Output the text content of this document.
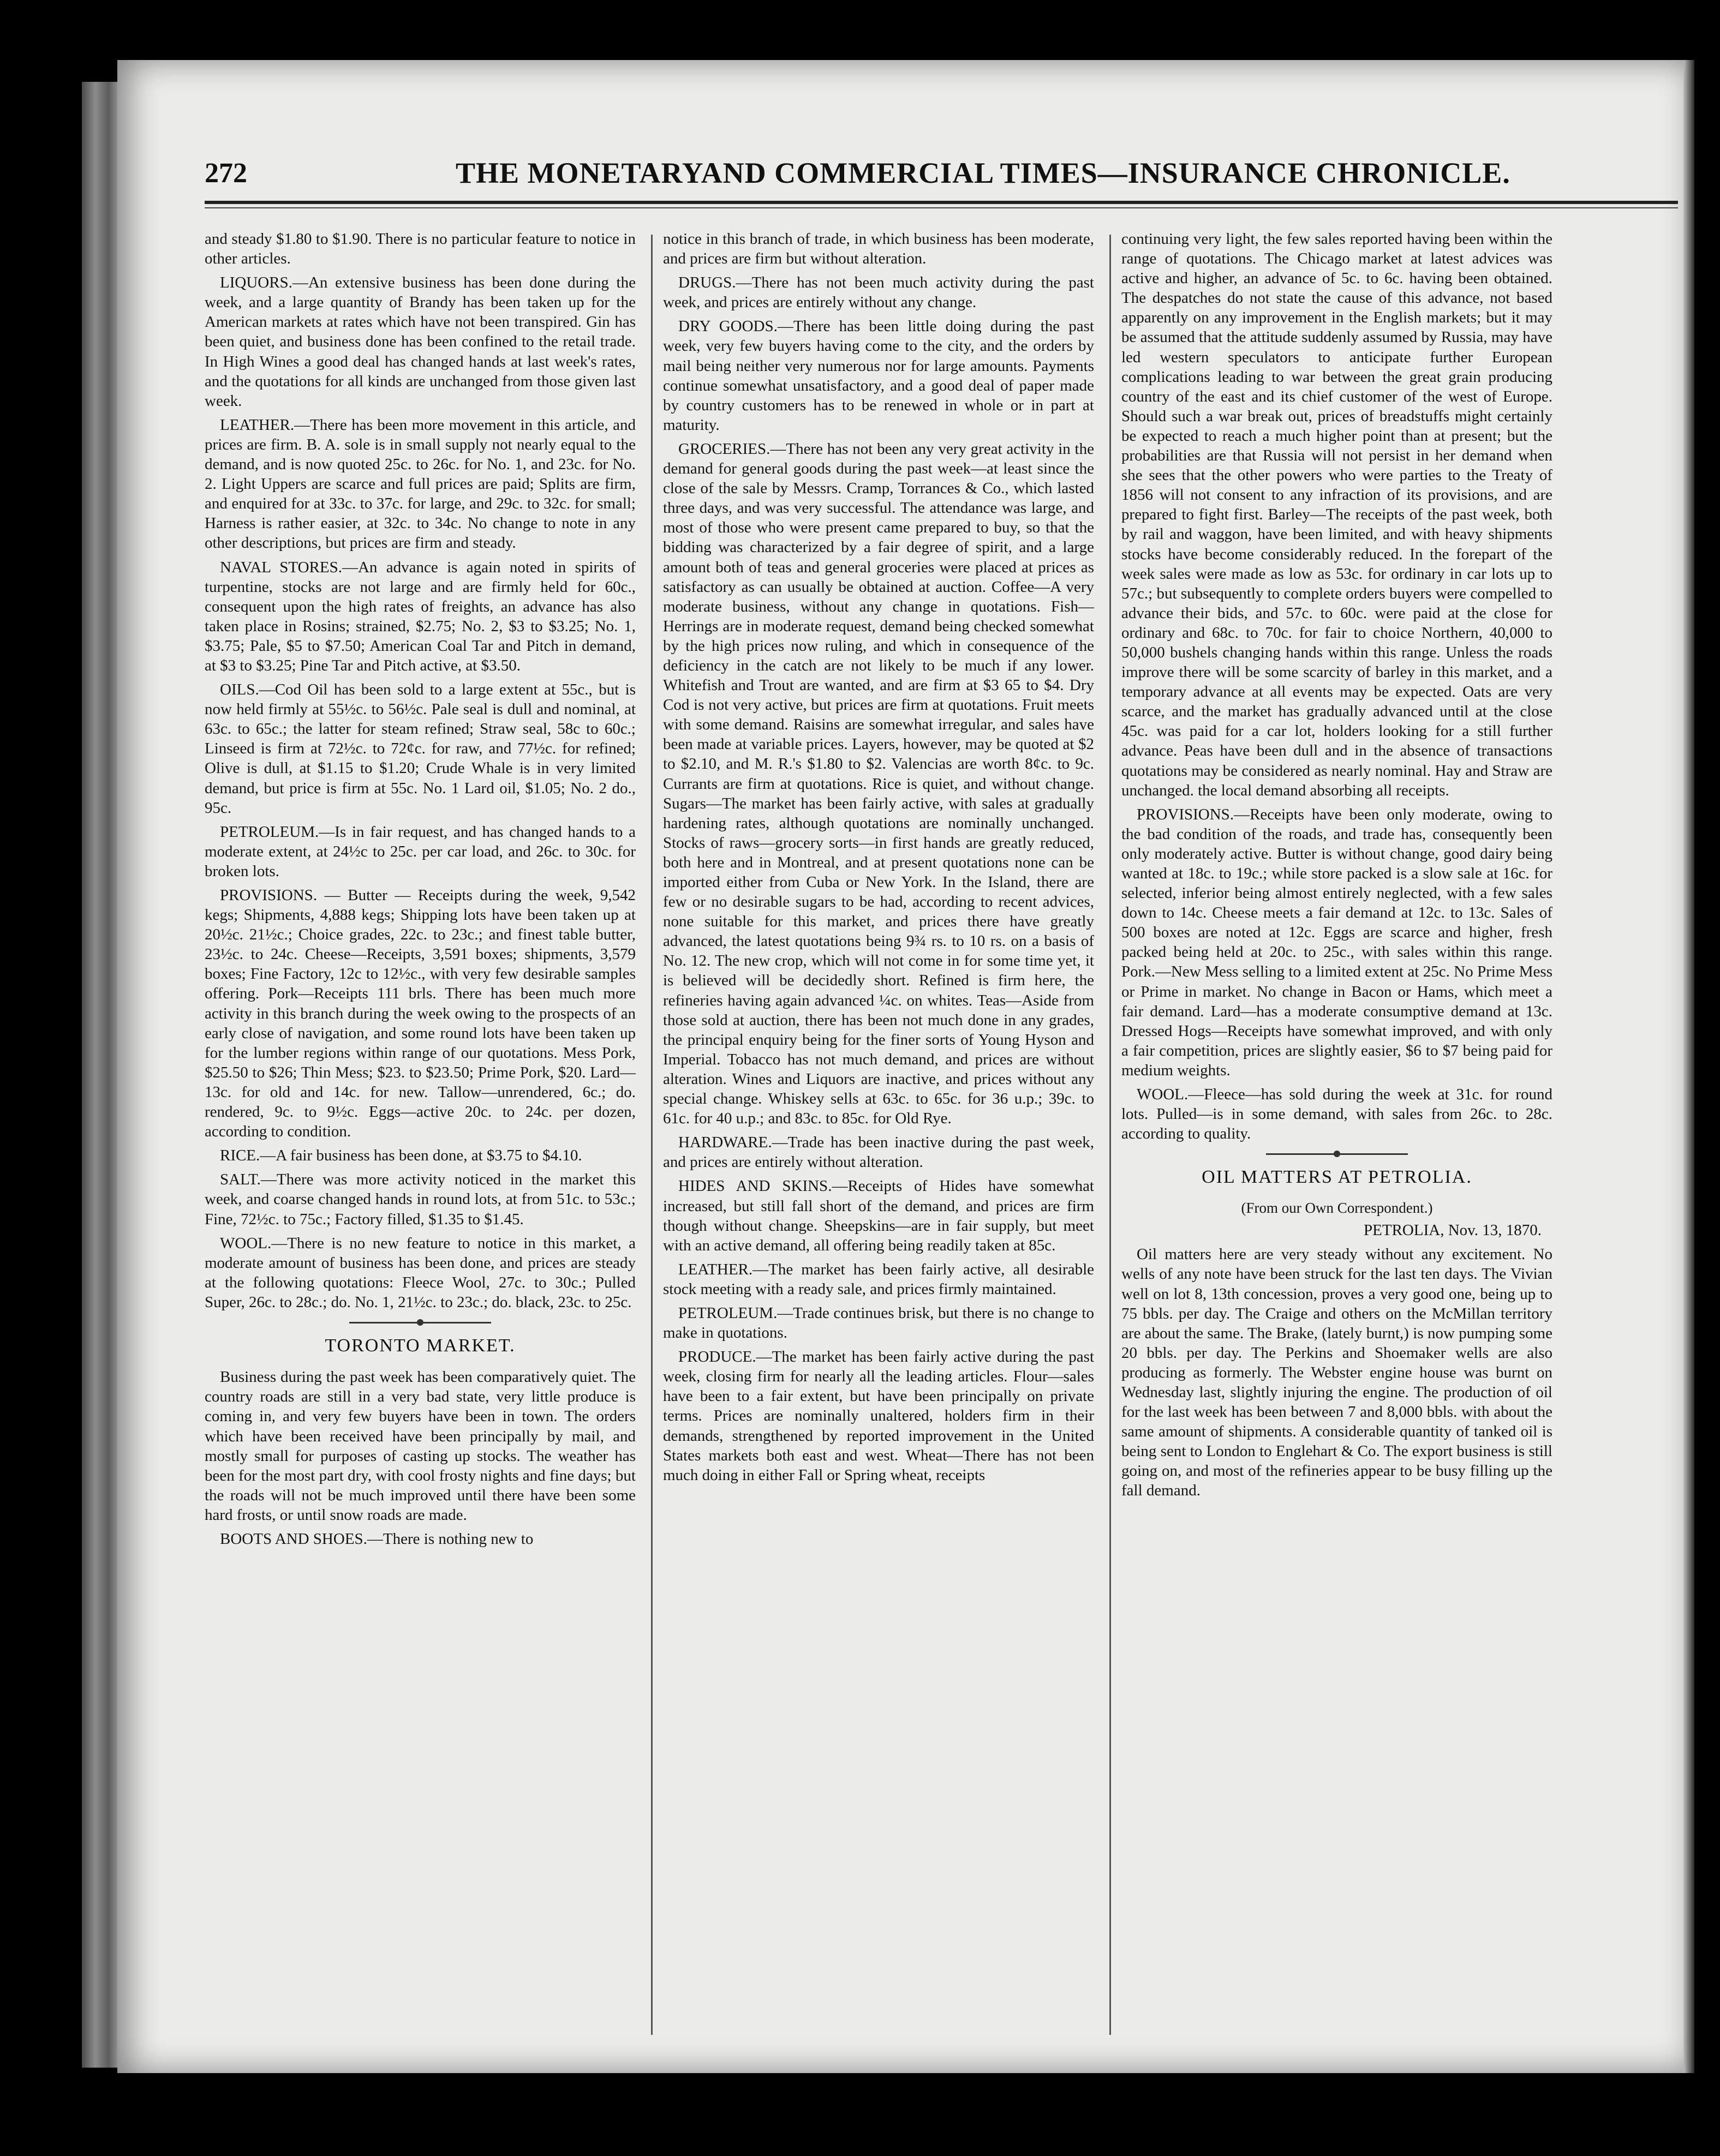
272	THE MONETARYAND COMMERCIAL TIMES—INSURANCE CHRONICLE.

and steady $1.80 to $1.90. There is no particular feature to notice in other articles.

LIQUORS.—An extensive business has been done during the week, and a large quantity of Brandy has been taken up for the American markets at rates which have not been transpired. Gin has been quiet, and business done has been confined to the retail trade. In High Wines a good deal has changed hands at last week's rates, and the quotations for all kinds are unchanged from those given last week.

LEATHER.—There has been more movement in this article, and prices are firm. B. A. sole is in small supply not nearly equal to the demand, and is now quoted 25c. to 26c. for No. 1, and 23c. for No. 2. Light Uppers are scarce and full prices are paid; Splits are firm, and enquired for at 33c. to 37c. for large, and 29c. to 32c. for small; Harness is rather easier, at 32c. to 34c. No change to note in any other descriptions, but prices are firm and steady.

NAVAL STORES.—An advance is again noted in spirits of turpentine, stocks are not large and are firmly held for 60c., consequent upon the high rates of freights, an advance has also taken place in Rosins; strained, $2.75; No. 2, $3 to $3.25; No. 1, $3.75; Pale, $5 to $7.50; American Coal Tar and Pitch in demand, at $3 to $3.25; Pine Tar and Pitch active, at $3.50.

OILS.—Cod Oil has been sold to a large extent at 55c., but is now held firmly at 55½c. to 56½c. Pale seal is dull and nominal, at 63c. to 65c.; the latter for steam refined; Straw seal, 58c to 60c.; Linseed is firm at 72½c. to 72¢c. for raw, and 77½c. for refined; Olive is dull, at $1.15 to $1.20; Crude Whale is in very limited demand, but price is firm at 55c. No. 1 Lard oil, $1.05; No. 2 do., 95c.

PETROLEUM.—Is in fair request, and has changed hands to a moderate extent, at 24½c to 25c. per car load, and 26c. to 30c. for broken lots.

PROVISIONS. — Butter — Receipts during the week, 9,542 kegs; Shipments, 4,888 kegs; Shipping lots have been taken up at 20½c. 21½c.; Choice grades, 22c. to 23c.; and finest table butter, 23½c. to 24c. Cheese—Receipts, 3,591 boxes; shipments, 3,579 boxes; Fine Factory, 12c to 12½c., with very few desirable samples offering. Pork—Receipts 111 brls. There has been much more activity in this branch during the week owing to the prospects of an early close of navigation, and some round lots have been taken up for the lumber regions within range of our quotations. Mess Pork, $25.50 to $26; Thin Mess; $23. to $23.50; Prime Pork, $20. Lard—13c. for old and 14c. for new. Tallow—unrendered, 6c.; do. rendered, 9c. to 9½c. Eggs—active 20c. to 24c. per dozen, according to condition.

RICE.—A fair business has been done, at $3.75 to $4.10.

SALT.—There was more activity noticed in the market this week, and coarse changed hands in round lots, at from 51c. to 53c.; Fine, 72½c. to 75c.; Factory filled, $1.35 to $1.45.

WOOL.—There is no new feature to notice in this market, a moderate amount of business has been done, and prices are steady at the following quotations: Fleece Wool, 27c. to 30c.; Pulled Super, 26c. to 28c.; do. No. 1, 21½c. to 23c.; do. black, 23c. to 25c.

TORONTO MARKET.

Business during the past week has been comparatively quiet. The country roads are still in a very bad state, very little produce is coming in, and very few buyers have been in town. The orders which have been received have been principally by mail, and mostly small for purposes of casting up stocks. The weather has been for the most part dry, with cool frosty nights and fine days; but the roads will not be much improved until there have been some hard frosts, or until snow roads are made.

BOOTS AND SHOES.—There is nothing new to

notice in this branch of trade, in which business has been moderate, and prices are firm but without alteration.

DRUGS.—There has not been much activity during the past week, and prices are entirely without any change.

DRY GOODS.—There has been little doing during the past week, very few buyers having come to the city, and the orders by mail being neither very numerous nor for large amounts. Payments continue somewhat unsatisfactory, and a good deal of paper made by country customers has to be renewed in whole or in part at maturity.

GROCERIES.—There has not been any very great activity in the demand for general goods during the past week—at least since the close of the sale by Messrs. Cramp, Torrances & Co., which lasted three days, and was very successful. The attendance was large, and most of those who were present came prepared to buy, so that the bidding was characterized by a fair degree of spirit, and a large amount both of teas and general groceries were placed at prices as satisfactory as can usually be obtained at auction. Coffee—A very moderate business, without any change in quotations. Fish—Herrings are in moderate request, demand being checked somewhat by the high prices now ruling, and which in consequence of the deficiency in the catch are not likely to be much if any lower. Whitefish and Trout are wanted, and are firm at $3 65 to $4. Dry Cod is not very active, but prices are firm at quotations. Fruit meets with some demand. Raisins are somewhat irregular, and sales have been made at variable prices. Layers, however, may be quoted at $2 to $2.10, and M. R.'s $1.80 to $2. Valencias are worth 8¢c. to 9c. Currants are firm at quotations. Rice is quiet, and without change. Sugars—The market has been fairly active, with sales at gradually hardening rates, although quotations are nominally unchanged. Stocks of raws—grocery sorts—in first hands are greatly reduced, both here and in Montreal, and at present quotations none can be imported either from Cuba or New York. In the Island, there are few or no desirable sugars to be had, according to recent advices, none suitable for this market, and prices there have greatly advanced, the latest quotations being 9¾ rs. to 10 rs. on a basis of No. 12. The new crop, which will not come in for some time yet, it is believed will be decidedly short. Refined is firm here, the refineries having again advanced ¼c. on whites. Teas—Aside from those sold at auction, there has been not much done in any grades, the principal enquiry being for the finer sorts of Young Hyson and Imperial. Tobacco has not much demand, and prices are without alteration. Wines and Liquors are inactive, and prices without any special change. Whiskey sells at 63c. to 65c. for 36 u.p.; 39c. to 61c. for 40 u.p.; and 83c. to 85c. for Old Rye.

HARDWARE.—Trade has been inactive during the past week, and prices are entirely without alteration.

HIDES AND SKINS.—Receipts of Hides have somewhat increased, but still fall short of the demand, and prices are firm though without change. Sheepskins—are in fair supply, but meet with an active demand, all offering being readily taken at 85c.

LEATHER.—The market has been fairly active, all desirable stock meeting with a ready sale, and prices firmly maintained.

PETROLEUM.—Trade continues brisk, but there is no change to make in quotations.

PRODUCE.—The market has been fairly active during the past week, closing firm for nearly all the leading articles. Flour—sales have been to a fair extent, but have been principally on private terms. Prices are nominally unaltered, holders firm in their demands, strengthened by reported improvement in the United States markets both east and west. Wheat—There has not been much doing in either Fall or Spring wheat, receipts

continuing very light, the few sales reported having been within the range of quotations. The Chicago market at latest advices was active and higher, an advance of 5c. to 6c. having been obtained. The despatches do not state the cause of this advance, not based apparently on any improvement in the English markets; but it may be assumed that the attitude suddenly assumed by Russia, may have led western speculators to anticipate further European complications leading to war between the great grain producing country of the east and its chief customer of the west of Europe. Should such a war break out, prices of breadstuffs might certainly be expected to reach a much higher point than at present; but the probabilities are that Russia will not persist in her demand when she sees that the other powers who were parties to the Treaty of 1856 will not consent to any infraction of its provisions, and are prepared to fight first. Barley—The receipts of the past week, both by rail and waggon, have been limited, and with heavy shipments stocks have become considerably reduced. In the forepart of the week sales were made as low as 53c. for ordinary in car lots up to 57c.; but subsequently to complete orders buyers were compelled to advance their bids, and 57c. to 60c. were paid at the close for ordinary and 68c. to 70c. for fair to choice Northern, 40,000 to 50,000 bushels changing hands within this range. Unless the roads improve there will be some scarcity of barley in this market, and a temporary advance at all events may be expected. Oats are very scarce, and the market has gradually advanced until at the close 45c. was paid for a car lot, holders looking for a still further advance. Peas have been dull and in the absence of transactions quotations may be considered as nearly nominal. Hay and Straw are unchanged. the local demand absorbing all receipts.

PROVISIONS.—Receipts have been only moderate, owing to the bad condition of the roads, and trade has, consequently been only moderately active. Butter is without change, good dairy being wanted at 18c. to 19c.; while store packed is a slow sale at 16c. for selected, inferior being almost entirely neglected, with a few sales down to 14c. Cheese meets a fair demand at 12c. to 13c. Sales of 500 boxes are noted at 12c. Eggs are scarce and higher, fresh packed being held at 20c. to 25c., with sales within this range. Pork.—New Mess selling to a limited extent at 25c. No Prime Mess or Prime in market. No change in Bacon or Hams, which meet a fair demand. Lard—has a moderate consumptive demand at 13c. Dressed Hogs—Receipts have somewhat improved, and with only a fair competition, prices are slightly easier, $6 to $7 being paid for medium weights.

WOOL.—Fleece—has sold during the week at 31c. for round lots. Pulled—is in some demand, with sales from 26c. to 28c. according to quality.

OIL MATTERS AT PETROLIA.
(From our Own Correspondent.)
PETROLIA, Nov. 13, 1870.

Oil matters here are very steady without any excitement. No wells of any note have been struck for the last ten days. The Vivian well on lot 8, 13th concession, proves a very good one, being up to 75 bbls. per day. The Craige and others on the McMillan territory are about the same. The Brake, (lately burnt,) is now pumping some 20 bbls. per day. The Perkins and Shoemaker wells are also producing as formerly. The Webster engine house was burnt on Wednesday last, slightly injuring the engine. The production of oil for the last week has been between 7 and 8,000 bbls. with about the same amount of shipments. A considerable quantity of tanked oil is being sent to London to Englehart & Co. The export business is still going on, and most of the refineries appear to be busy filling up the fall demand.
